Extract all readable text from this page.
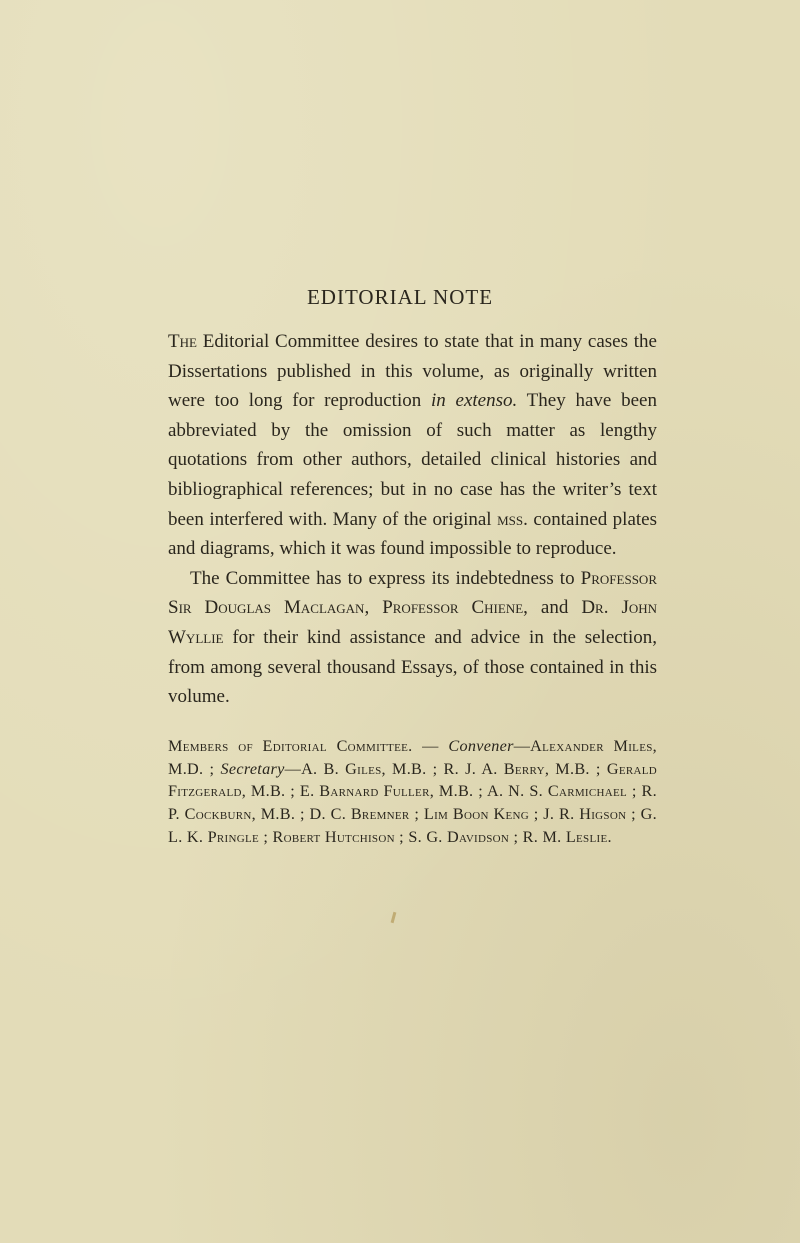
EDITORIAL NOTE

The Editorial Committee desires to state that in many cases the Dissertations published in this volume, as originally written were too long for reproduction in extenso. They have been abbreviated by the omission of such matter as lengthy quotations from other authors, detailed clinical histories and bibliographical references; but in no case has the writer’s text been interfered with. Many of the original mss. contained plates and diagrams, which it was found impossible to reproduce.

The Committee has to express its indebtedness to Professor Sir Douglas Maclagan, Professor Chiene, and Dr. John Wyllie for their kind assistance and advice in the selection, from among several thousand Essays, of those contained in this volume.

Members of Editorial Committee. — Convener—Alexander Miles, M.D. ; Secretary—A. B. Giles, M.B. ; R. J. A. Berry, M.B. ; Gerald Fitzgerald, M.B. ; E. Barnard Fuller, M.B. ; A. N. S. Carmichael ; R. P. Cockburn, M.B. ; D. C. Bremner ; Lim Boon Keng ; J. R. Higson ; G. L. K. Pringle ; Robert Hutchison ; S. G. Davidson ; R. M. Leslie.
